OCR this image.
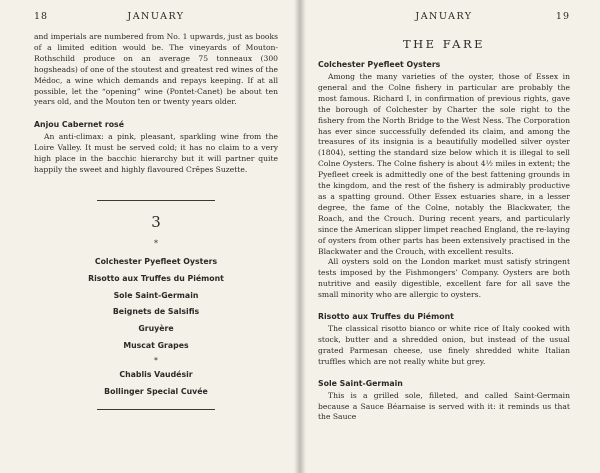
18	JANUARY

and imperials are numbered from No. 1 upwards, just as books of a limited edition would be. The vineyards of Mouton-Rothschild produce on an average 75 tonneaux (300 hogsheads) of one of the stoutest and greatest red wines of the Médoc, a wine which demands and repays keeping. If at all possible, let the “opening” wine (Pontet-Canet) be about ten years old, and the Mouton ten or twenty years older.

Anjou Cabernet rosé

An anti-climax: a pink, pleasant, sparkling wine from the Loire Valley. It must be served cold; it has no claim to a very high place in the bacchic hierarchy but it will partner quite happily the sweet and highly flavoured Crêpes Suzette.

3
*
Colchester Pyefleet Oysters
Risotto aux Truffes du Piémont
Sole Saint-Germain
Beignets de Salsifis
Gruyère
Muscat Grapes
*
Chablis Vaudésir
Bollinger Special Cuvée
JANUARY	19
THE FARE
Colchester Pyefleet Oysters

Among the many varieties of the oyster, those of Essex in general and the Colne fishery in particular are probably the most famous. Richard I, in confirmation of previous rights, gave the borough of Colchester by Charter the sole right to the fishery from the North Bridge to the West Ness. The Corporation has ever since successfully defended its claim, and among the treasures of its insignia is a beautifully modelled silver oyster (1804), setting the standard size below which it is illegal to sell Colne Oysters. The Colne fishery is about 4½ miles in extent; the Pyefleet creek is admittedly one of the best fattening grounds in the kingdom, and the rest of the fishery is admirably productive as a spatting ground. Other Essex estuaries share, in a lesser degree, the fame of the Colne, notably the Blackwater, the Roach, and the Crouch. During recent years, and particularly since the American slipper limpet reached England, the re-laying of oysters from other parts has been extensively practised in the Blackwater and the Crouch, with excellent results.

All oysters sold on the London market must satisfy stringent tests imposed by the Fishmongers’ Company. Oysters are both nutritive and easily digestible, excellent fare for all save the small minority who are allergic to oysters.

Risotto aux Truffes du Piémont

The classical risotto bianco or white rice of Italy cooked with stock, butter and a shredded onion, but instead of the usual grated Parmesan cheese, use finely shredded white Italian truffles which are not really white but grey.

Sole Saint-Germain

This is a grilled sole, filleted, and called Saint-Germain because a Sauce Béarnaise is served with it: it reminds us that the Sauce
